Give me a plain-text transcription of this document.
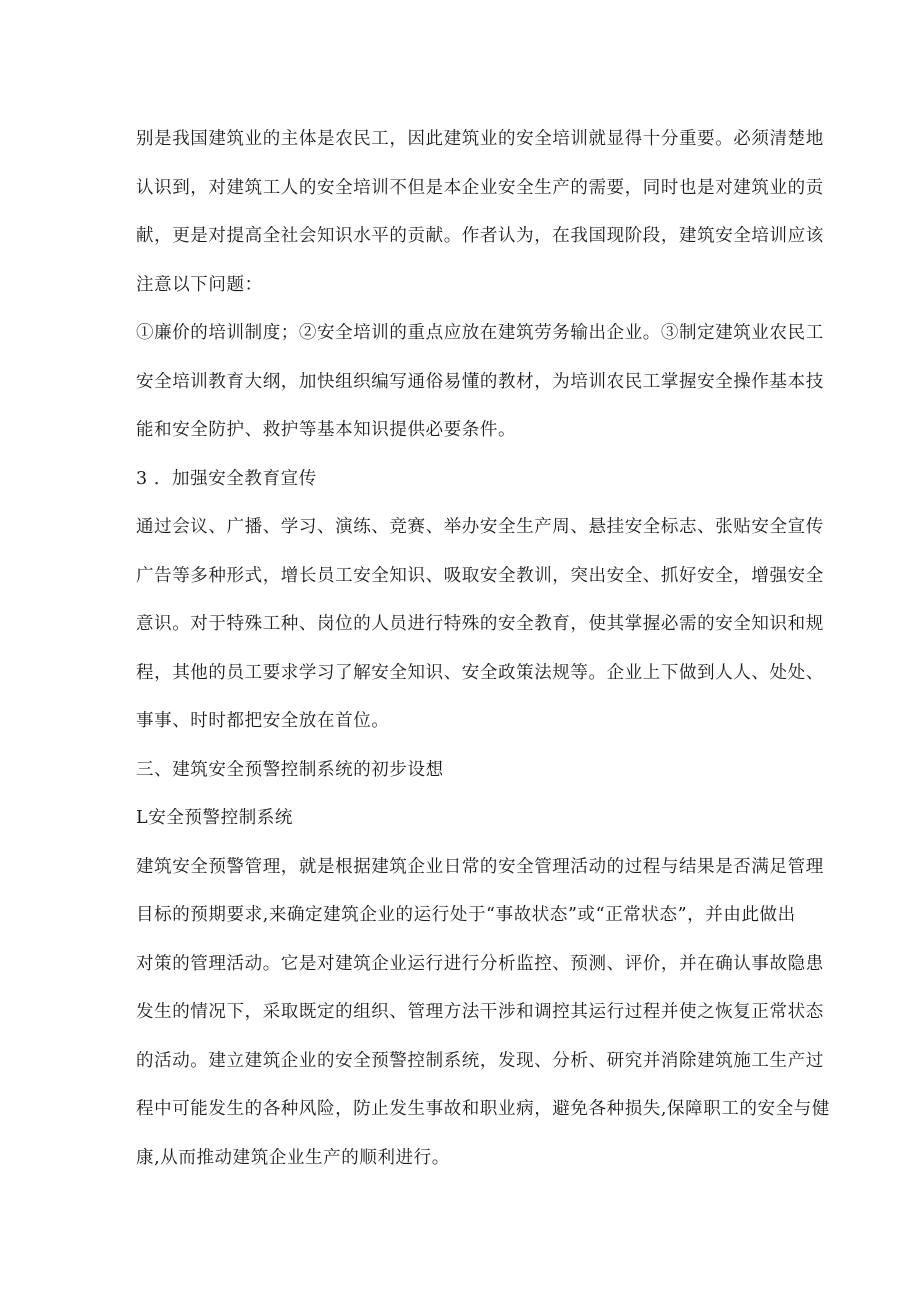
别是我国建筑业的主体是农民工，因此建筑业的安全培训就显得十分重要。必须清楚地
认识到，对建筑工人的安全培训不但是本企业安全生产的需要，同时也是对建筑业的贡
献，更是对提高全社会知识水平的贡献。作者认为，在我国现阶段，建筑安全培训应该
注意以下问题：
①廉价的培训制度；②安全培训的重点应放在建筑劳务输出企业。③制定建筑业农民工
安全培训教育大纲，加快组织编写通俗易懂的教材，为培训农民工掌握安全操作基本技
能和安全防护、救护等基本知识提供必要条件。
3 ．加强安全教育宣传
通过会议、广播、学习、演练、竞赛、举办安全生产周、悬挂安全标志、张贴安全宣传
广告等多种形式，增长员工安全知识、吸取安全教训，突出安全、抓好安全，增强安全
意识。对于特殊工种、岗位的人员进行特殊的安全教育，使其掌握必需的安全知识和规
程，其他的员工要求学习了解安全知识、安全政策法规等。企业上下做到人人、处处、
事事、时时都把安全放在首位。
三、建筑安全预警控制系统的初步设想
L安全预警控制系统
建筑安全预警管理，就是根据建筑企业日常的安全管理活动的过程与结果是否满足管理
目标的预期要求,来确定建筑企业的运行处于“事故状态”或“正常状态”，并由此做出
对策的管理活动。它是对建筑企业运行进行分析监控、预测、评价，并在确认事故隐患
发生的情况下，采取既定的组织、管理方法干涉和调控其运行过程并使之恢复正常状态
的活动。建立建筑企业的安全预警控制系统，发现、分析、研究并消除建筑施工生产过
程中可能发生的各种风险，防止发生事故和职业病，避免各种损失,保障职工的安全与健
康,从而推动建筑企业生产的顺利进行。
